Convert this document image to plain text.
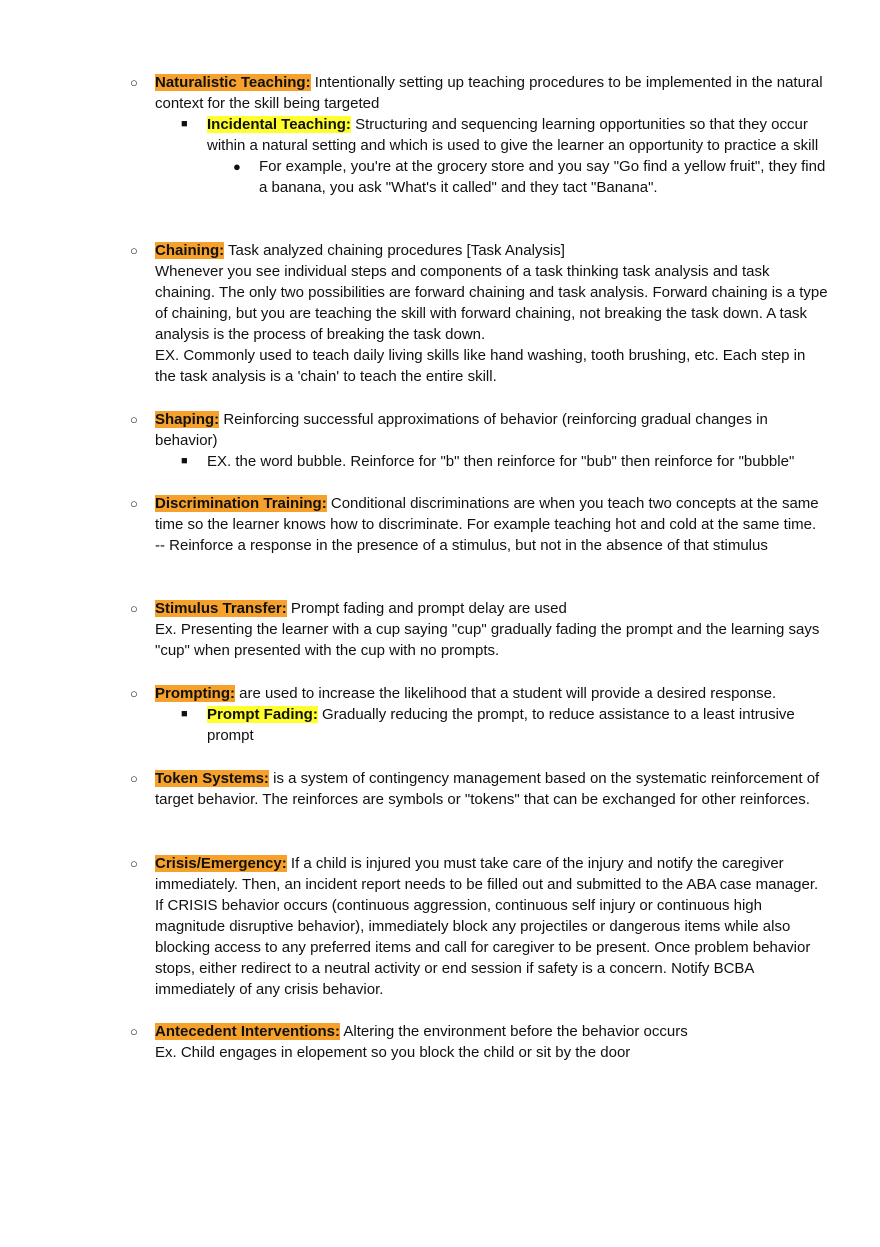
○ Naturalistic Teaching: Intentionally setting up teaching procedures to be implemented in the natural context for the skill being targeted

■ Incidental Teaching: Structuring and sequencing learning opportunities so that they occur within a natural setting and which is used to give the learner an opportunity to practice a skill

● For example, you're at the grocery store and you say "Go find a yellow fruit", they find a banana, you ask "What's it called" and they tact "Banana".

○ Chaining: Task analyzed chaining procedures [Task Analysis]

Whenever you see individual steps and components of a task thinking task analysis and task chaining. The only two possibilities are forward chaining and task analysis. Forward chaining is a type of chaining, but you are teaching the skill with forward chaining, not breaking the task down. A task analysis is the process of breaking the task down.

EX. Commonly used to teach daily living skills like hand washing, tooth brushing, etc. Each step in the task analysis is a 'chain' to teach the entire skill.

○ Shaping: Reinforcing successful approximations of behavior (reinforcing gradual changes in behavior)

■ EX. the word bubble. Reinforce for "b" then reinforce for "bub" then reinforce for "bubble"

○ Discrimination Training: Conditional discriminations are when you teach two concepts at the same time so the learner knows how to discriminate. For example teaching hot and cold at the same time.

-- Reinforce a response in the presence of a stimulus, but not in the absence of that stimulus

○ Stimulus Transfer: Prompt fading and prompt delay are used

Ex. Presenting the learner with a cup saying "cup" gradually fading the prompt and the learning says "cup" when presented with the cup with no prompts.

○ Prompting: are used to increase the likelihood that a student will provide a desired response.

■ Prompt Fading: Gradually reducing the prompt, to reduce assistance to a least intrusive prompt

○ Token Systems: is a system of contingency management based on the systematic reinforcement of target behavior. The reinforces are symbols or "tokens" that can be exchanged for other reinforces.

○ Crisis/Emergency: If a child is injured you must take care of the injury and notify the caregiver immediately. Then, an incident report needs to be filled out and submitted to the ABA case manager. If CRISIS behavior occurs (continuous aggression, continuous self injury or continuous high magnitude disruptive behavior), immediately block any projectiles or dangerous items while also blocking access to any preferred items and call for caregiver to be present. Once problem behavior stops, either redirect to a neutral activity or end session if safety is a concern. Notify BCBA immediately of any crisis behavior.

○ Antecedent Interventions: Altering the environment before the behavior occurs

Ex. Child engages in elopement so you block the child or sit by the door
